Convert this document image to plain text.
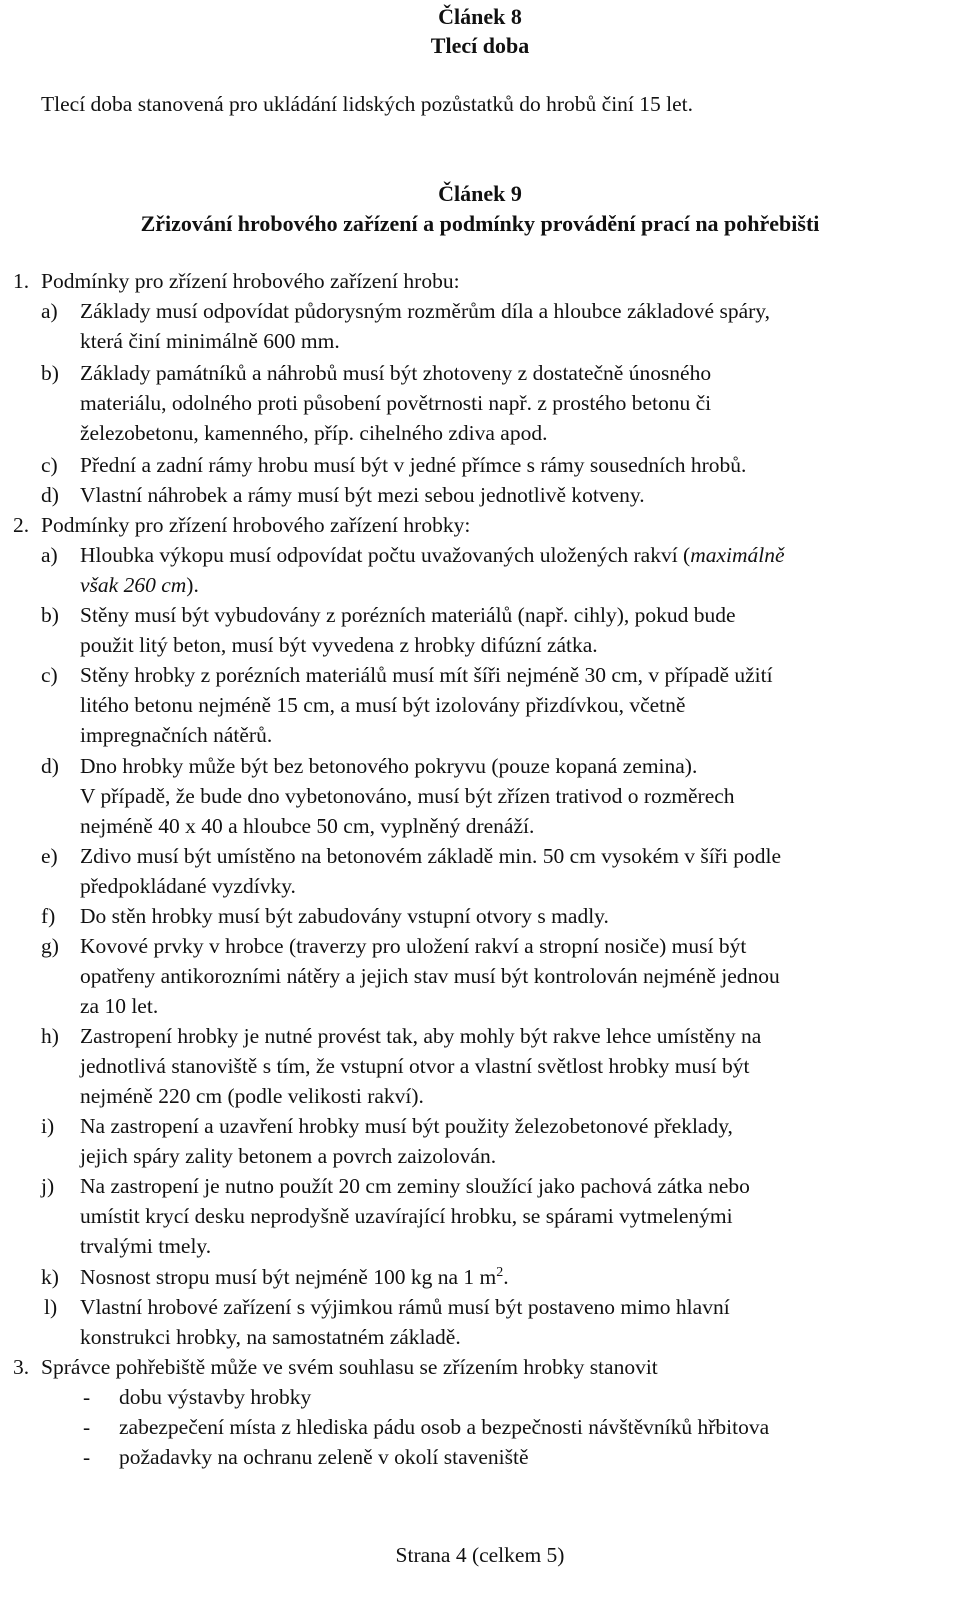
Článek 8
Tlecí doba
Tlecí doba stanovená pro ukládání lidských pozůstatků do hrobů činí 15 let.
Článek 9
Zřizování hrobového zařízení a podmínky provádění prací na pohřebišti
1. Podmínky pro zřízení hrobového zařízení hrobu:
a) Základy musí odpovídat půdorysným rozměrům díla a hloubce základové spáry,
která činí minimálně 600 mm.
b) Základy památníků a náhrobů musí být zhotoveny z dostatečně únosného
materiálu, odolného proti působení povětrnosti např. z prostého betonu či
železobetonu, kamenného, příp. cihelného zdiva apod.
c) Přední a zadní rámy hrobu musí být v jedné přímce s rámy sousedních hrobů.
d) Vlastní náhrobek a rámy musí být mezi sebou jednotlivě kotveny.
2. Podmínky pro zřízení hrobového zařízení hrobky:
a) Hloubka výkopu musí odpovídat počtu uvažovaných uložených rakví (maximálně
však 260 cm).
b) Stěny musí být vybudovány z porézních materiálů (např. cihly), pokud bude
použit litý beton, musí být vyvedena z hrobky difúzní zátka.
c) Stěny hrobky z porézních materiálů musí mít šíři nejméně 30 cm, v případě užití
litého betonu nejméně 15 cm, a musí být izolovány přizdívkou, včetně
impregnačních nátěrů.
d) Dno hrobky může být bez betonového pokryvu (pouze kopaná zemina).
V případě, že bude dno vybetonováno, musí být zřízen trativod o rozměrech
nejméně 40 x 40 a hloubce 50 cm, vyplněný drenáží.
e) Zdivo musí být umístěno na betonovém základě min. 50 cm vysokém v šíři podle
předpokládané vyzdívky.
f) Do stěn hrobky musí být zabudovány vstupní otvory s madly.
g) Kovové prvky v hrobce (traverzy pro uložení rakví a stropní nosiče) musí být
opatřeny antikorozními nátěry a jejich stav musí být kontrolován nejméně jednou
za 10 let.
h) Zastropení hrobky je nutné provést tak, aby mohly být rakve lehce umístěny na
jednotlivá stanoviště s tím, že vstupní otvor a vlastní světlost hrobky musí být
nejméně 220 cm (podle velikosti rakví).
i) Na zastropení a uzavření hrobky musí být použity železobetonové překlady,
jejich spáry zality betonem a povrch zaizolován.
j) Na zastropení je nutno použít 20 cm zeminy sloužící jako pachová zátka nebo
umístit krycí desku neprodyšně uzavírající hrobku, se spárami vytmelenými
trvalými tmely.
k) Nosnost stropu musí být nejméně 100 kg na 1 $m^2$.
l) Vlastní hrobové zařízení s výjimkou rámů musí být postaveno mimo hlavní
konstrukci hrobky, na samostatném základě.
3. Správce pohřebiště může ve svém souhlasu se zřízením hrobky stanovit
- dobu výstavby hrobky
- zabezpečení místa z hlediska pádu osob a bezpečnosti návštěvníků hřbitova
- požadavky na ochranu zeleně v okolí staveniště
Strana 4 (celkem 5)
